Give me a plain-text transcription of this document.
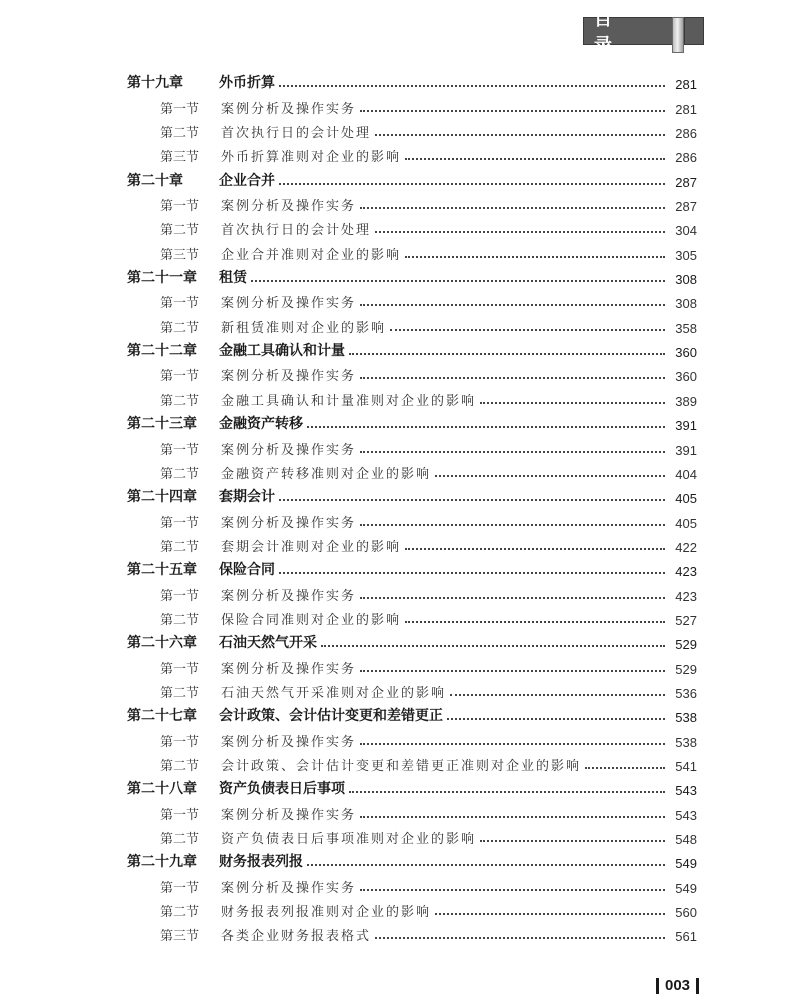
目 录
第十九章	外币折算	281
第一节	案例分析及操作实务	281
第二节	首次执行日的会计处理	286
第三节	外币折算准则对企业的影响	286
第二十章	企业合并	287
第一节	案例分析及操作实务	287
第二节	首次执行日的会计处理	304
第三节	企业合并准则对企业的影响	305
第二十一章	租赁	308
第一节	案例分析及操作实务	308
第二节	新租赁准则对企业的影响	358
第二十二章	金融工具确认和计量	360
第一节	案例分析及操作实务	360
第二节	金融工具确认和计量准则对企业的影响	389
第二十三章	金融资产转移	391
第一节	案例分析及操作实务	391
第二节	金融资产转移准则对企业的影响	404
第二十四章	套期会计	405
第一节	案例分析及操作实务	405
第二节	套期会计准则对企业的影响	422
第二十五章	保险合同	423
第一节	案例分析及操作实务	423
第二节	保险合同准则对企业的影响	527
第二十六章	石油天然气开采	529
第一节	案例分析及操作实务	529
第二节	石油天然气开采准则对企业的影响	536
第二十七章	会计政策、会计估计变更和差错更正	538
第一节	案例分析及操作实务	538
第二节	会计政策、会计估计变更和差错更正准则对企业的影响	541
第二十八章	资产负债表日后事项	543
第一节	案例分析及操作实务	543
第二节	资产负债表日后事项准则对企业的影响	548
第二十九章	财务报表列报	549
第一节	案例分析及操作实务	549
第二节	财务报表列报准则对企业的影响	560
第三节	各类企业财务报表格式	561
003
